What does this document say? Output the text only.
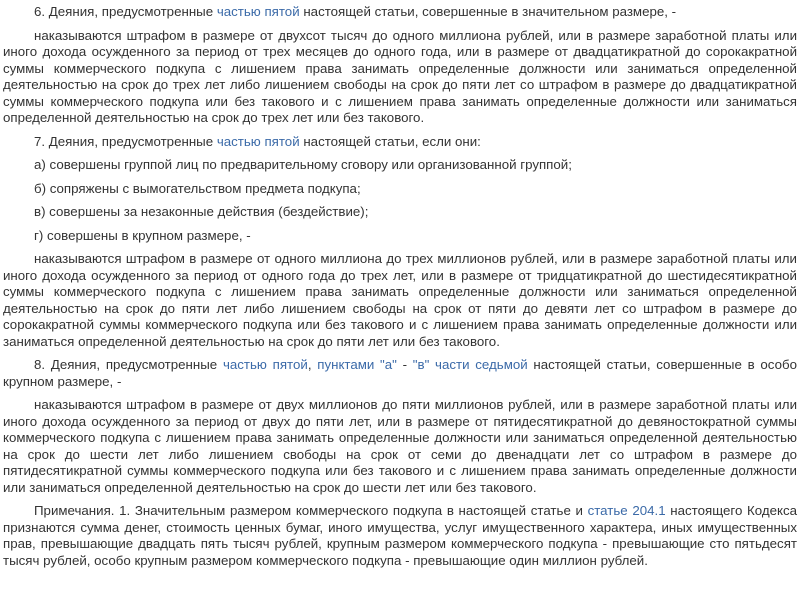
6. Деяния, предусмотренные частью пятой настоящей статьи, совершенные в значительном размере, -

наказываются штрафом в размере от двухсот тысяч до одного миллиона рублей, или в размере заработной платы или иного дохода осужденного за период от трех месяцев до одного года, или в размере от двадцатикратной до сорокакратной суммы коммерческого подкупа с лишением права занимать определенные должности или заниматься определенной деятельностью на срок до трех лет либо лишением свободы на срок до пяти лет со штрафом в размере до двадцатикратной суммы коммерческого подкупа или без такового и с лишением права занимать определенные должности или заниматься определенной деятельностью на срок до трех лет или без такового.

7. Деяния, предусмотренные частью пятой настоящей статьи, если они:

а) совершены группой лиц по предварительному сговору или организованной группой;

б) сопряжены с вымогательством предмета подкупа;

в) совершены за незаконные действия (бездействие);

г) совершены в крупном размере, -

наказываются штрафом в размере от одного миллиона до трех миллионов рублей, или в размере заработной платы или иного дохода осужденного за период от одного года до трех лет, или в размере от тридцатикратной до шестидесятикратной суммы коммерческого подкупа с лишением права занимать определенные должности или заниматься определенной деятельностью на срок до пяти лет либо лишением свободы на срок от пяти до девяти лет со штрафом в размере до сорокакратной суммы коммерческого подкупа или без такового и с лишением права занимать определенные должности или заниматься определенной деятельностью на срок до пяти лет или без такового.

8. Деяния, предусмотренные частью пятой, пунктами "а" - "в" части седьмой настоящей статьи, совершенные в особо крупном размере, -

наказываются штрафом в размере от двух миллионов до пяти миллионов рублей, или в размере заработной платы или иного дохода осужденного за период от двух до пяти лет, или в размере от пятидесятикратной до девяностократной суммы коммерческого подкупа с лишением права занимать определенные должности или заниматься определенной деятельностью на срок до шести лет либо лишением свободы на срок от семи до двенадцати лет со штрафом в размере до пятидесятикратной суммы коммерческого подкупа или без такового и с лишением права занимать определенные должности или заниматься определенной деятельностью на срок до шести лет или без такового.

Примечания. 1. Значительным размером коммерческого подкупа в настоящей статье и статье 204.1 настоящего Кодекса признаются сумма денег, стоимость ценных бумаг, иного имущества, услуг имущественного характера, иных имущественных прав, превышающие двадцать пять тысяч рублей, крупным размером коммерческого подкупа - превышающие сто пятьдесят тысяч рублей, особо крупным размером коммерческого подкупа - превышающие один миллион рублей.
